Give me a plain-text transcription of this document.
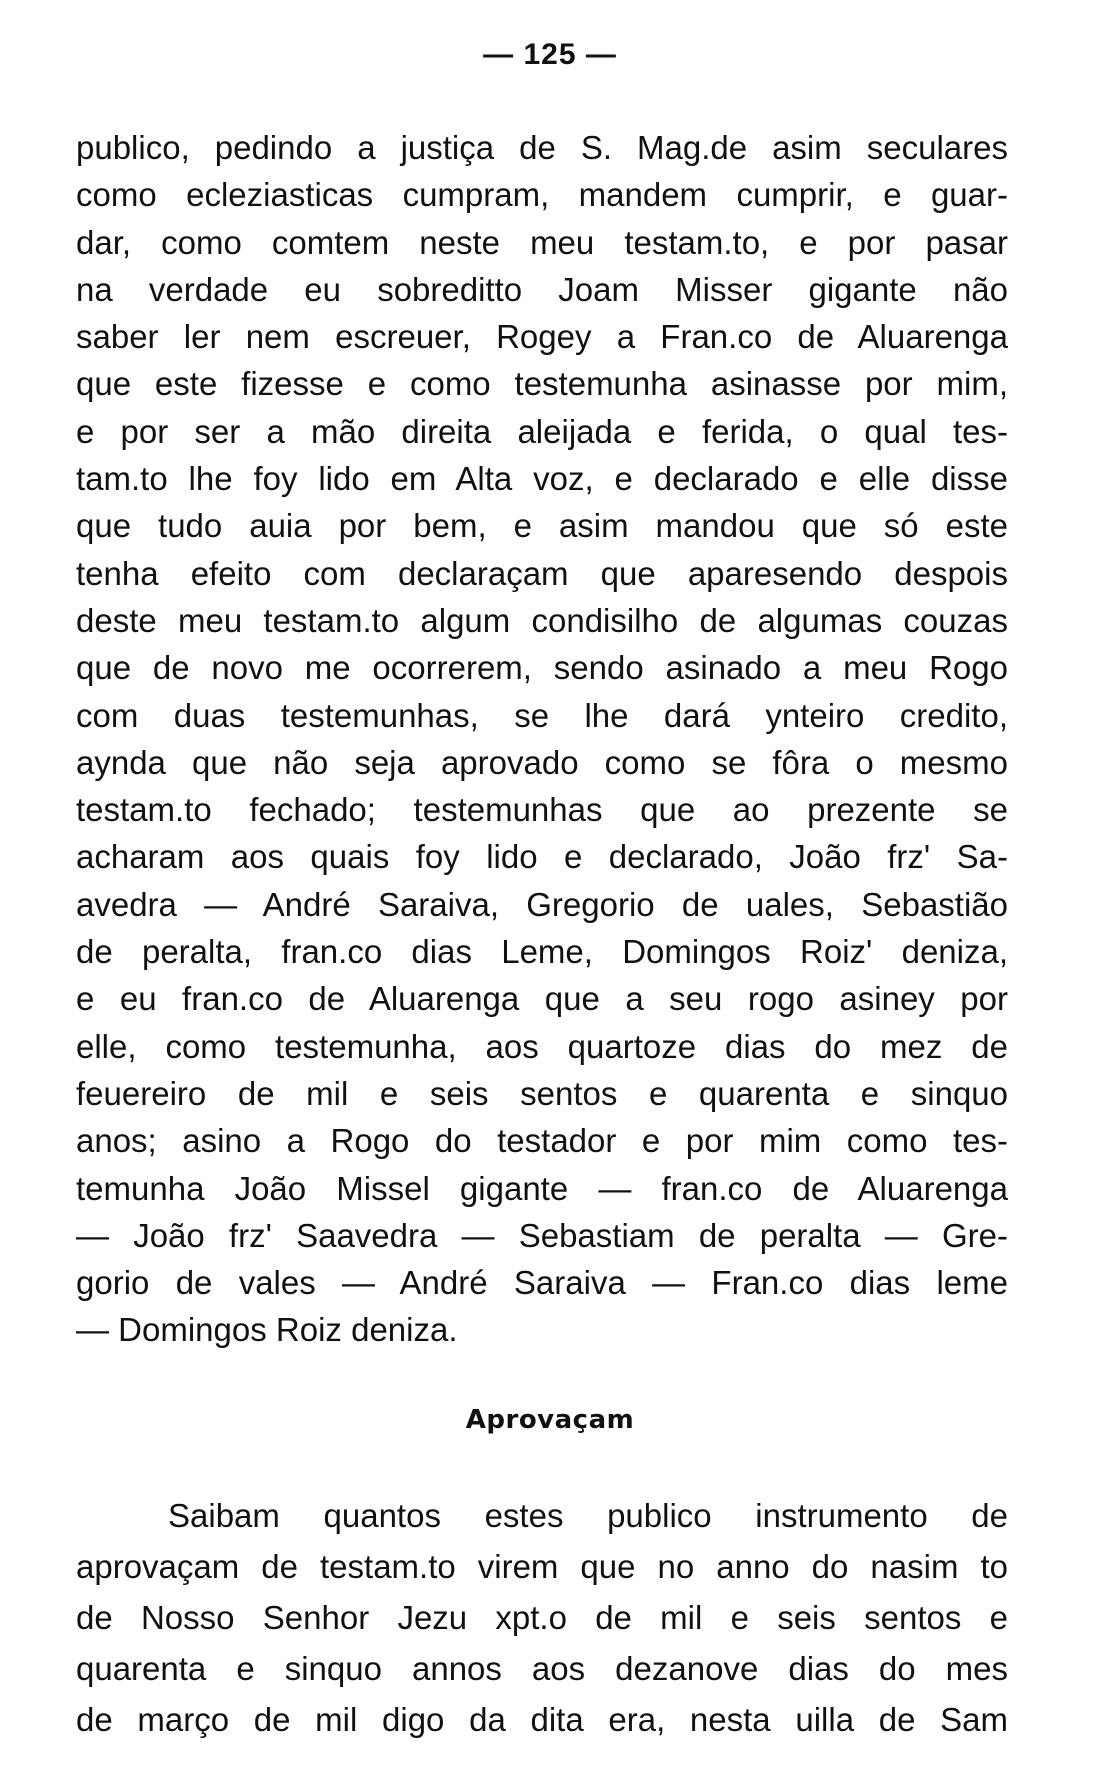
— 125 —
publico, pedindo a justiça de S. Mag.de asim seculares
como ecleziasticas cumpram, mandem cumprir, e guar-
dar, como comtem neste meu testam.to, e por pasar
na verdade eu sobreditto Joam Misser gigante não
saber ler nem escreuer, Rogey a Fran.co de Aluarenga
que este fizesse e como testemunha asinasse por mim,
e por ser a mão direita aleijada e ferida, o qual tes-
tam.to lhe foy lido em Alta voz, e declarado e elle disse
que tudo auia por bem, e asim mandou que só este
tenha efeito com declaraçam que aparesendo despois
deste meu testam.to algum condisilho de algumas couzas
que de novo me ocorrerem, sendo asinado a meu Rogo
com duas testemunhas, se lhe dará ynteiro credito,
aynda que não seja aprovado como se fôra o mesmo
testam.to fechado; testemunhas que ao prezente se
acharam aos quais foy lido e declarado, João frz' Sa-
avedra — André Saraiva, Gregorio de uales, Sebastião
de peralta, fran.co dias Leme, Domingos Roiz' deniza,
e eu fran.co de Aluarenga que a seu rogo asiney por
elle, como testemunha, aos quartoze dias do mez de
feuereiro de mil e seis sentos e quarenta e sinquo
anos; asino a Rogo do testador e por mim como tes-
temunha João Missel gigante — fran.co de Aluarenga
— João frz' Saavedra — Sebastiam de peralta — Gre-
gorio de vales — André Saraiva — Fran.co dias leme
— Domingos Roiz deniza.
Aprovaçam
Saibam quantos estes publico instrumento de
aprovaçam de testam.to virem que no anno do nasim to
de Nosso Senhor Jezu xpt.o de mil e seis sentos e
quarenta e sinquo annos aos dezanove dias do mes
de março de mil digo da dita era, nesta uilla de Sam
